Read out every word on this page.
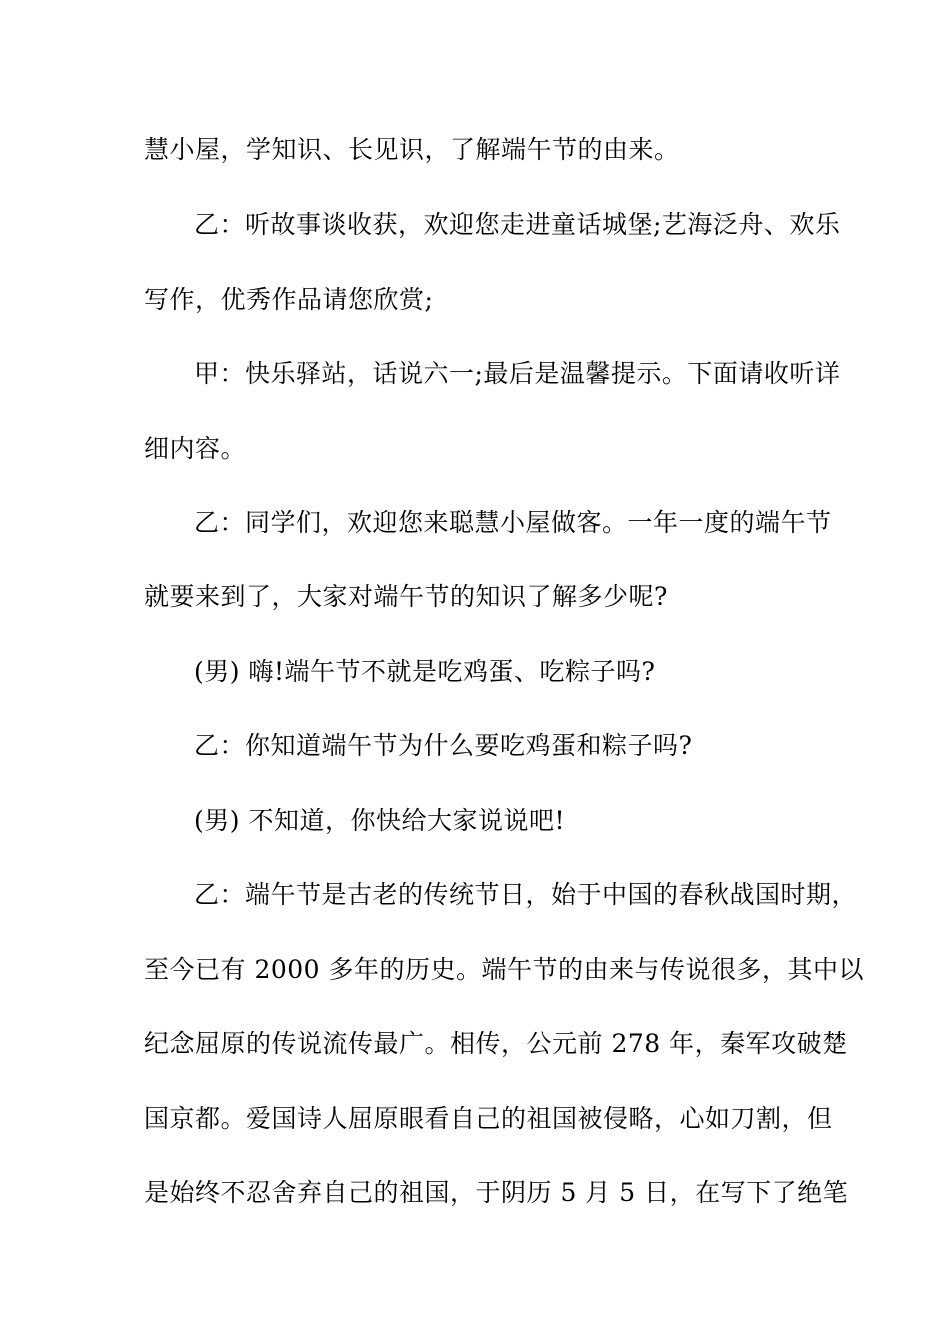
慧小屋，学知识、长见识，了解端午节的由来。
乙：听故事谈收获，欢迎您走进童话城堡;艺海泛舟、欢乐
写作，优秀作品请您欣赏;
甲：快乐驿站，话说六一;最后是温馨提示。下面请收听详
细内容。
乙：同学们，欢迎您来聪慧小屋做客。一年一度的端午节
就要来到了，大家对端午节的知识了解多少呢?
(男) 嗨!端午节不就是吃鸡蛋、吃粽子吗?
乙：你知道端午节为什么要吃鸡蛋和粽子吗?
(男) 不知道，你快给大家说说吧!
乙：端午节是古老的传统节日，始于中国的春秋战国时期，
至今已有 2000 多年的历史。端午节的由来与传说很多，其中以
纪念屈原的传说流传最广。相传，公元前 278 年，秦军攻破楚
国京都。爱国诗人屈原眼看自己的祖国被侵略，心如刀割，但
是始终不忍舍弃自己的祖国，于阴历 5 月 5 日，在写下了绝笔
